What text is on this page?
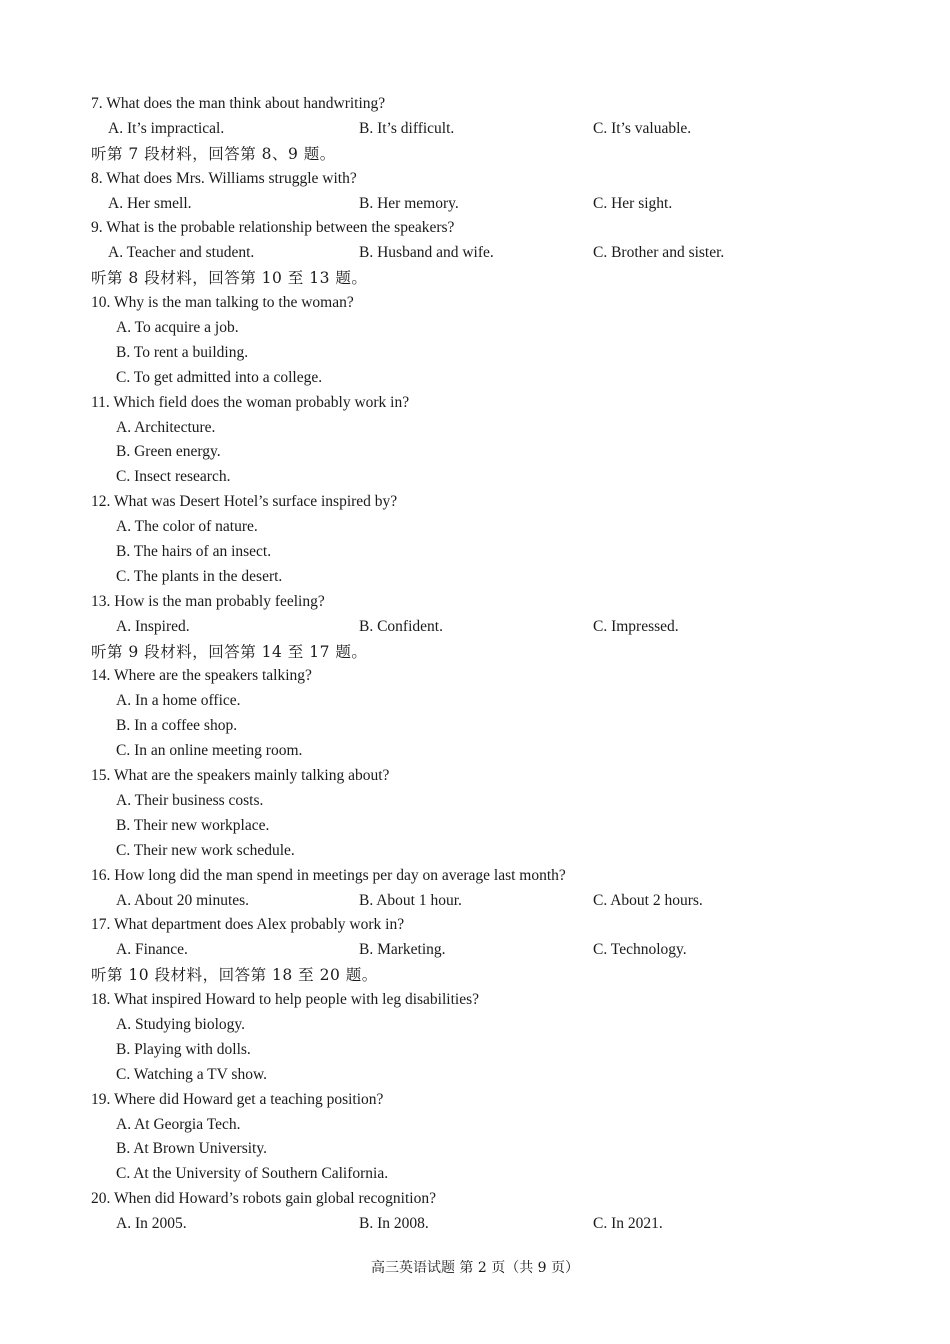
7. What does the man think about handwriting?
A. It’s impractical.	B. It’s difficult.	C. It’s valuable.
听第 7 段材料，回答第 8、9 题。
8. What does Mrs. Williams struggle with?
A. Her smell.	B. Her memory.	C. Her sight.
9. What is the probable relationship between the speakers?
A. Teacher and student.	B. Husband and wife.	C. Brother and sister.
听第 8 段材料，回答第 10 至 13 题。
10. Why is the man talking to the woman?
A. To acquire a job.
B. To rent a building.
C. To get admitted into a college.
11. Which field does the woman probably work in?
A. Architecture.
B. Green energy.
C. Insect research.
12. What was Desert Hotel’s surface inspired by?
A. The color of nature.
B. The hairs of an insect.
C. The plants in the desert.
13. How is the man probably feeling?
A. Inspired.	B. Confident.	C. Impressed.
听第 9 段材料，回答第 14 至 17 题。
14. Where are the speakers talking?
A. In a home office.
B. In a coffee shop.
C. In an online meeting room.
15. What are the speakers mainly talking about?
A. Their business costs.
B. Their new workplace.
C. Their new work schedule.
16. How long did the man spend in meetings per day on average last month?
A. About 20 minutes.	B. About 1 hour.	C. About 2 hours.
17. What department does Alex probably work in?
A. Finance.	B. Marketing.	C. Technology.
听第 10 段材料，回答第 18 至 20 题。
18. What inspired Howard to help people with leg disabilities?
A. Studying biology.
B. Playing with dolls.
C. Watching a TV show.
19. Where did Howard get a teaching position?
A. At Georgia Tech.
B. At Brown University.
C. At the University of Southern California.
20. When did Howard’s robots gain global recognition?
A. In 2005.	B. In 2008.	C. In 2021.
高三英语试题 第 2 页（共 9 页）
